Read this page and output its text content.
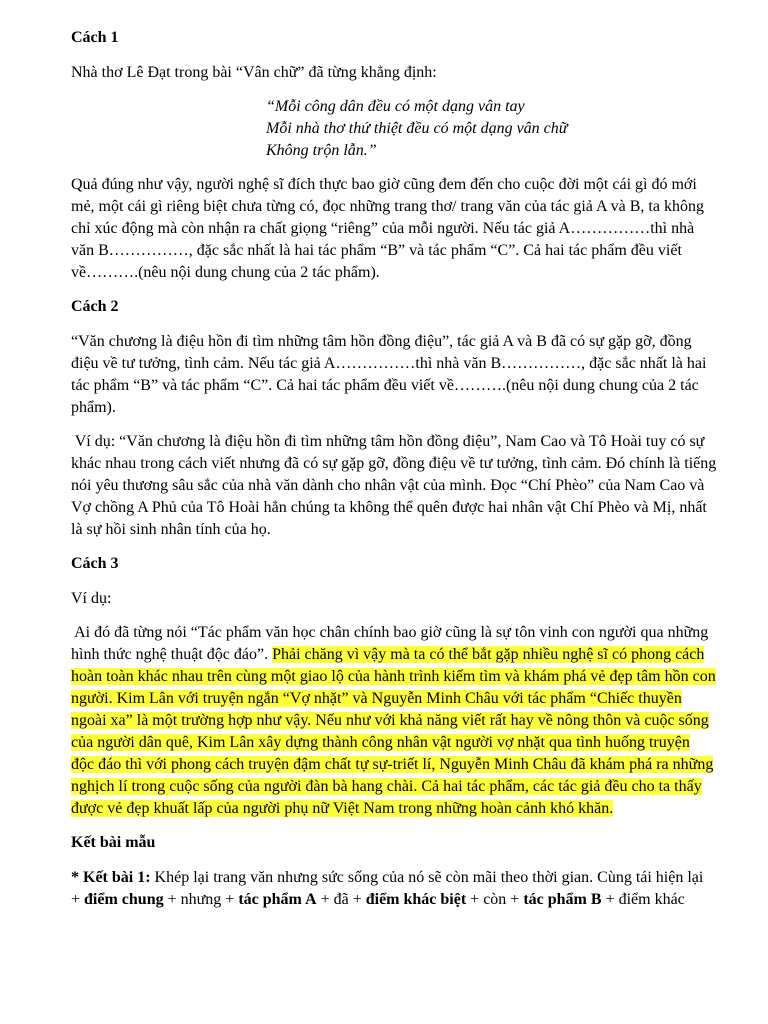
Cách 1
Nhà thơ Lê Đạt trong bài “Vân chữ” đã từng khẳng định:
“Mỗi công dân đều có một dạng vân tay
Mỗi nhà thơ thứ thiệt đều có một dạng vân chữ
Không trộn lẫn.”
Quả đúng như vậy, người nghệ sĩ đích thực bao giờ cũng đem đến cho cuộc đời một cái gì đó mới
mẻ, một cái gì riêng biệt chưa từng có, đọc những trang thơ/ trang văn của tác giả A và B, ta không
chỉ xúc động mà còn nhận ra chất giọng “riêng” của mỗi người. Nếu tác giả A……………thì nhà
văn B……………, đặc sắc nhất là hai tác phẩm “B” và tác phẩm “C”. Cả hai tác phẩm đều viết
về……….(nêu nội dung chung của 2 tác phẩm).
Cách 2
“Văn chương là điệu hồn đi tìm những tâm hồn đồng điệu”, tác giả A và B đã có sự gặp gỡ, đồng
điệu về tư tưởng, tình cảm. Nếu tác giả A……………thì nhà văn B……………, đặc sắc nhất là hai
tác phẩm “B” và tác phẩm “C”. Cả hai tác phẩm đều viết về……….(nêu nội dung chung của 2 tác
phẩm).
Ví dụ: “Văn chương là điệu hồn đi tìm những tâm hồn đồng điệu”, Nam Cao và Tô Hoài tuy có sự
khác nhau trong cách viết nhưng đã có sự gặp gỡ, đồng điệu về tư tưởng, tình cảm. Đó chính là tiếng
nói yêu thương sâu sắc của nhà văn dành cho nhân vật của mình. Đọc “Chí Phèo” của Nam Cao và
Vợ chồng A Phủ của Tô Hoài hẳn chúng ta không thể quên được hai nhân vật Chí Phèo và Mị, nhất
là sự hồi sinh nhân tính của họ.
Cách 3
Ví dụ:
Ai đó đã từng nói “Tác phẩm văn học chân chính bao giờ cũng là sự tôn vinh con người qua những
hình thức nghệ thuật độc đáo”. Phải chăng vì vậy mà ta có thể bắt gặp nhiều nghệ sĩ có phong cách
hoàn toàn khác nhau trên cùng một giao lộ của hành trình kiếm tìm và khám phá vẻ đẹp tâm hồn con
người. Kim Lân với truyện ngắn “Vợ nhặt” và Nguyễn Minh Châu với tác phẩm “Chiếc thuyền
ngoài xa” là một trường hợp như vậy. Nếu như với khả năng viết rất hay về nông thôn và cuộc sống
của người dân quê, Kim Lân xây dựng thành công nhân vật người vợ nhặt qua tình huống truyện
độc đáo thì với phong cách truyện đậm chất tự sự-triết lí, Nguyễn Minh Châu đã khám phá ra những
nghịch lí trong cuộc sống của người đàn bà hang chài. Cả hai tác phẩm, các tác giả đều cho ta thấy
được vẻ đẹp khuất lấp của người phụ nữ Việt Nam trong những hoàn cảnh khó khăn.
Kết bài mẫu
* Kết bài 1: Khép lại trang văn nhưng sức sống của nó sẽ còn mãi theo thời gian. Cùng tái hiện lại
+ điểm chung + nhưng + tác phẩm A + đã + điểm khác biệt + còn + tác phẩm B + điểm khác
